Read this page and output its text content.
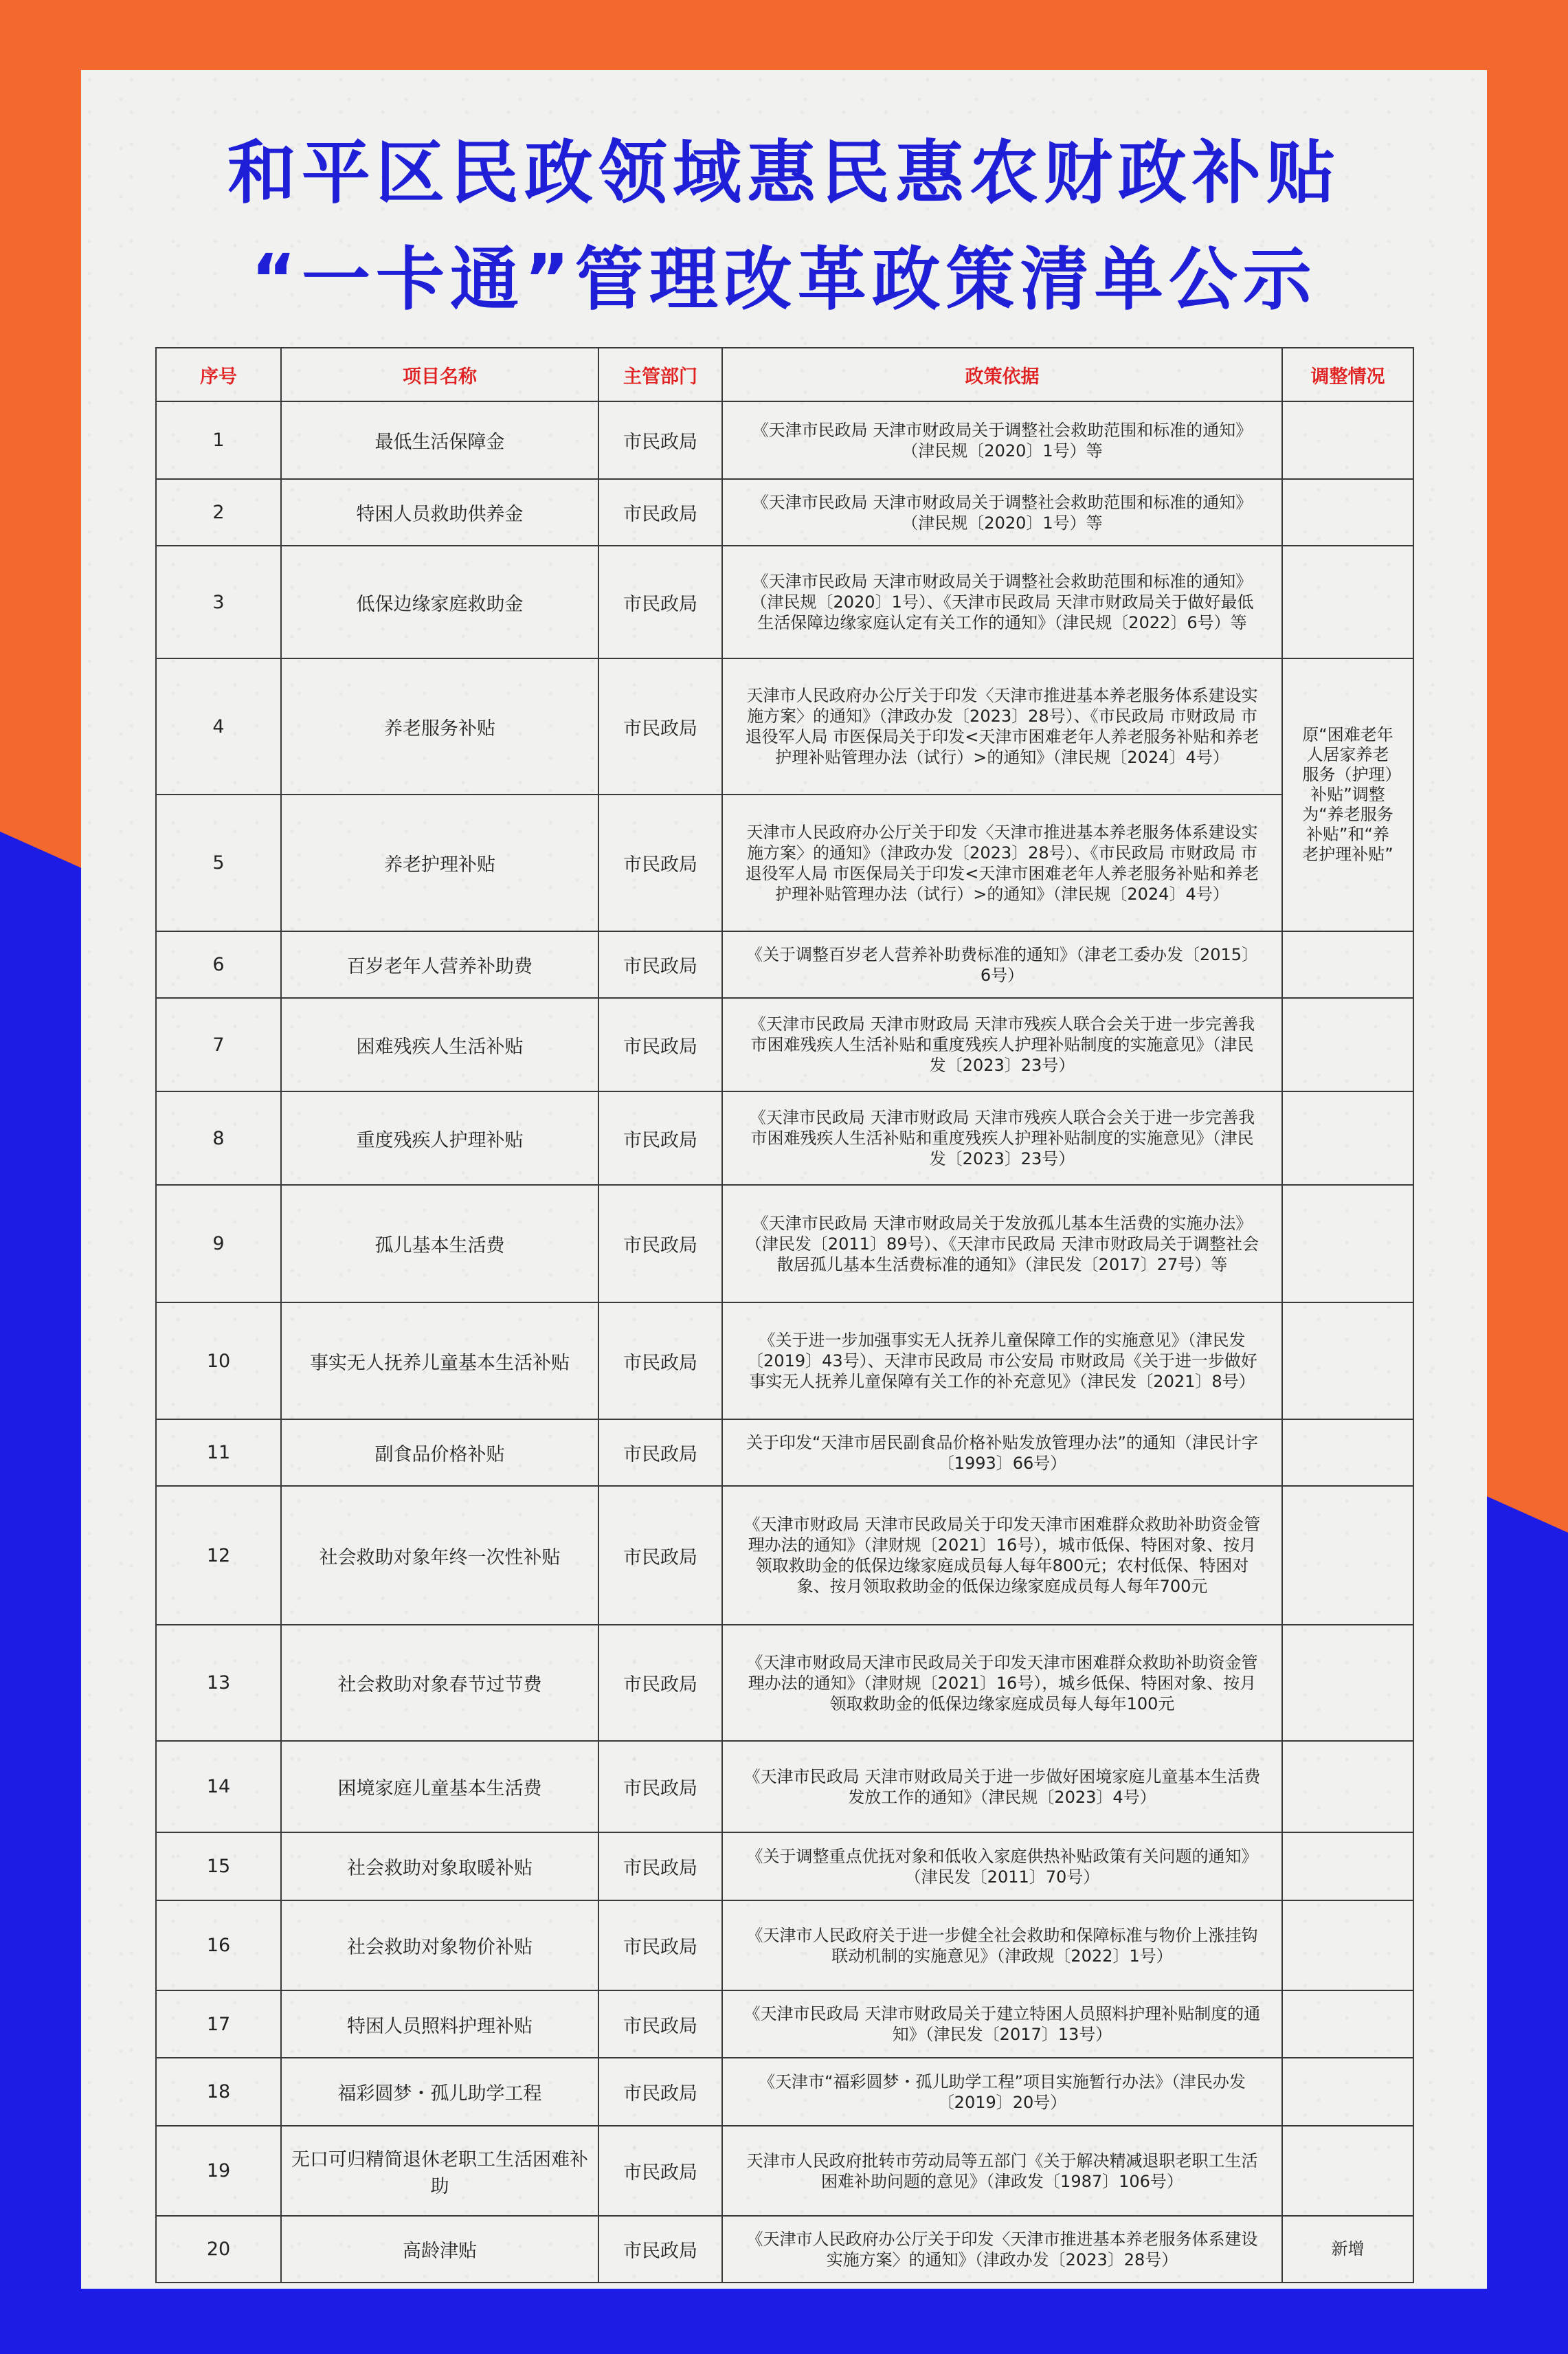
和平区民政领域惠民惠农财政补贴
“一卡通”管理改革政策清单公示
序号	项目名称	主管部门	政策依据	调整情况
1	最低生活保障金	市民政局	《天津市民政局 天津市财政局关于调整社会救助范围和标准的通知》（津民规〔2020〕1号）等	
2	特困人员救助供养金	市民政局	《天津市民政局 天津市财政局关于调整社会救助范围和标准的通知》（津民规〔2020〕1号）等	
3	低保边缘家庭救助金	市民政局	《天津市民政局 天津市财政局关于调整社会救助范围和标准的通知》（津民规〔2020〕1号）、《天津市民政局 天津市财政局关于做好最低生活保障边缘家庭认定有关工作的通知》（津民规〔2022〕6号）等	
4	养老服务补贴	市民政局	天津市人民政府办公厅关于印发〈天津市推进基本养老服务体系建设实施方案〉的通知》（津政办发〔2023〕28号）、《市民政局 市财政局 市退役军人局 市医保局关于印发<天津市困难老年人养老服务补贴和养老护理补贴管理办法（试行）>的通知》（津民规〔2024〕4号）	原“困难老年人居家养老服务（护理）补贴”调整为“养老服务补贴”和“养老护理补贴”
5	养老护理补贴	市民政局	天津市人民政府办公厅关于印发〈天津市推进基本养老服务体系建设实施方案〉的通知》（津政办发〔2023〕28号）、《市民政局 市财政局 市退役军人局 市医保局关于印发<天津市困难老年人养老服务补贴和养老护理补贴管理办法（试行）>的通知》（津民规〔2024〕4号）	
6	百岁老年人营养补助费	市民政局	《关于调整百岁老人营养补助费标准的通知》（津老工委办发〔2015〕6号）	
7	困难残疾人生活补贴	市民政局	《天津市民政局 天津市财政局 天津市残疾人联合会关于进一步完善我市困难残疾人生活补贴和重度残疾人护理补贴制度的实施意见》（津民发〔2023〕23号）	
8	重度残疾人护理补贴	市民政局	《天津市民政局 天津市财政局 天津市残疾人联合会关于进一步完善我市困难残疾人生活补贴和重度残疾人护理补贴制度的实施意见》（津民发〔2023〕23号）	
9	孤儿基本生活费	市民政局	《天津市民政局 天津市财政局关于发放孤儿基本生活费的实施办法》（津民发〔2011〕89号）、《天津市民政局 天津市财政局关于调整社会散居孤儿基本生活费标准的通知》（津民发〔2017〕27号）等	
10	事实无人抚养儿童基本生活补贴	市民政局	《关于进一步加强事实无人抚养儿童保障工作的实施意见》（津民发〔2019〕43号）、天津市民政局 市公安局 市财政局《关于进一步做好事实无人抚养儿童保障有关工作的补充意见》（津民发〔2021〕8号）	
11	副食品价格补贴	市民政局	关于印发“天津市居民副食品价格补贴发放管理办法”的通知（津民计字〔1993〕66号）	
12	社会救助对象年终一次性补贴	市民政局	《天津市财政局 天津市民政局关于印发天津市困难群众救助补助资金管理办法的通知》（津财规〔2021〕16号），城市低保、特困对象、按月领取救助金的低保边缘家庭成员每人每年800元；农村低保、特困对象、按月领取救助金的低保边缘家庭成员每人每年700元	
13	社会救助对象春节过节费	市民政局	《天津市财政局天津市民政局关于印发天津市困难群众救助补助资金管理办法的通知》（津财规〔2021〕16号），城乡低保、特困对象、按月领取救助金的低保边缘家庭成员每人每年100元	
14	困境家庭儿童基本生活费	市民政局	《天津市民政局 天津市财政局关于进一步做好困境家庭儿童基本生活费发放工作的通知》（津民规〔2023〕4号）	
15	社会救助对象取暖补贴	市民政局	《关于调整重点优抚对象和低收入家庭供热补贴政策有关问题的通知》（津民发〔2011〕70号）	
16	社会救助对象物价补贴	市民政局	《天津市人民政府关于进一步健全社会救助和保障标准与物价上涨挂钩联动机制的实施意见》（津政规〔2022〕1号）	
17	特困人员照料护理补贴	市民政局	《天津市民政局 天津市财政局关于建立特困人员照料护理补贴制度的通知》（津民发〔2017〕13号）	
18	福彩圆梦・孤儿助学工程	市民政局	《天津市“福彩圆梦・孤儿助学工程”项目实施暂行办法》（津民办发〔2019〕20号）	
19	无口可归精简退休老职工生活困难补助	市民政局	天津市人民政府批转市劳动局等五部门《关于解决精减退职老职工生活困难补助问题的意见》（津政发〔1987〕106号）	
20	高龄津贴	市民政局	《天津市人民政府办公厅关于印发〈天津市推进基本养老服务体系建设实施方案〉的通知》（津政办发〔2023〕28号）	新增
